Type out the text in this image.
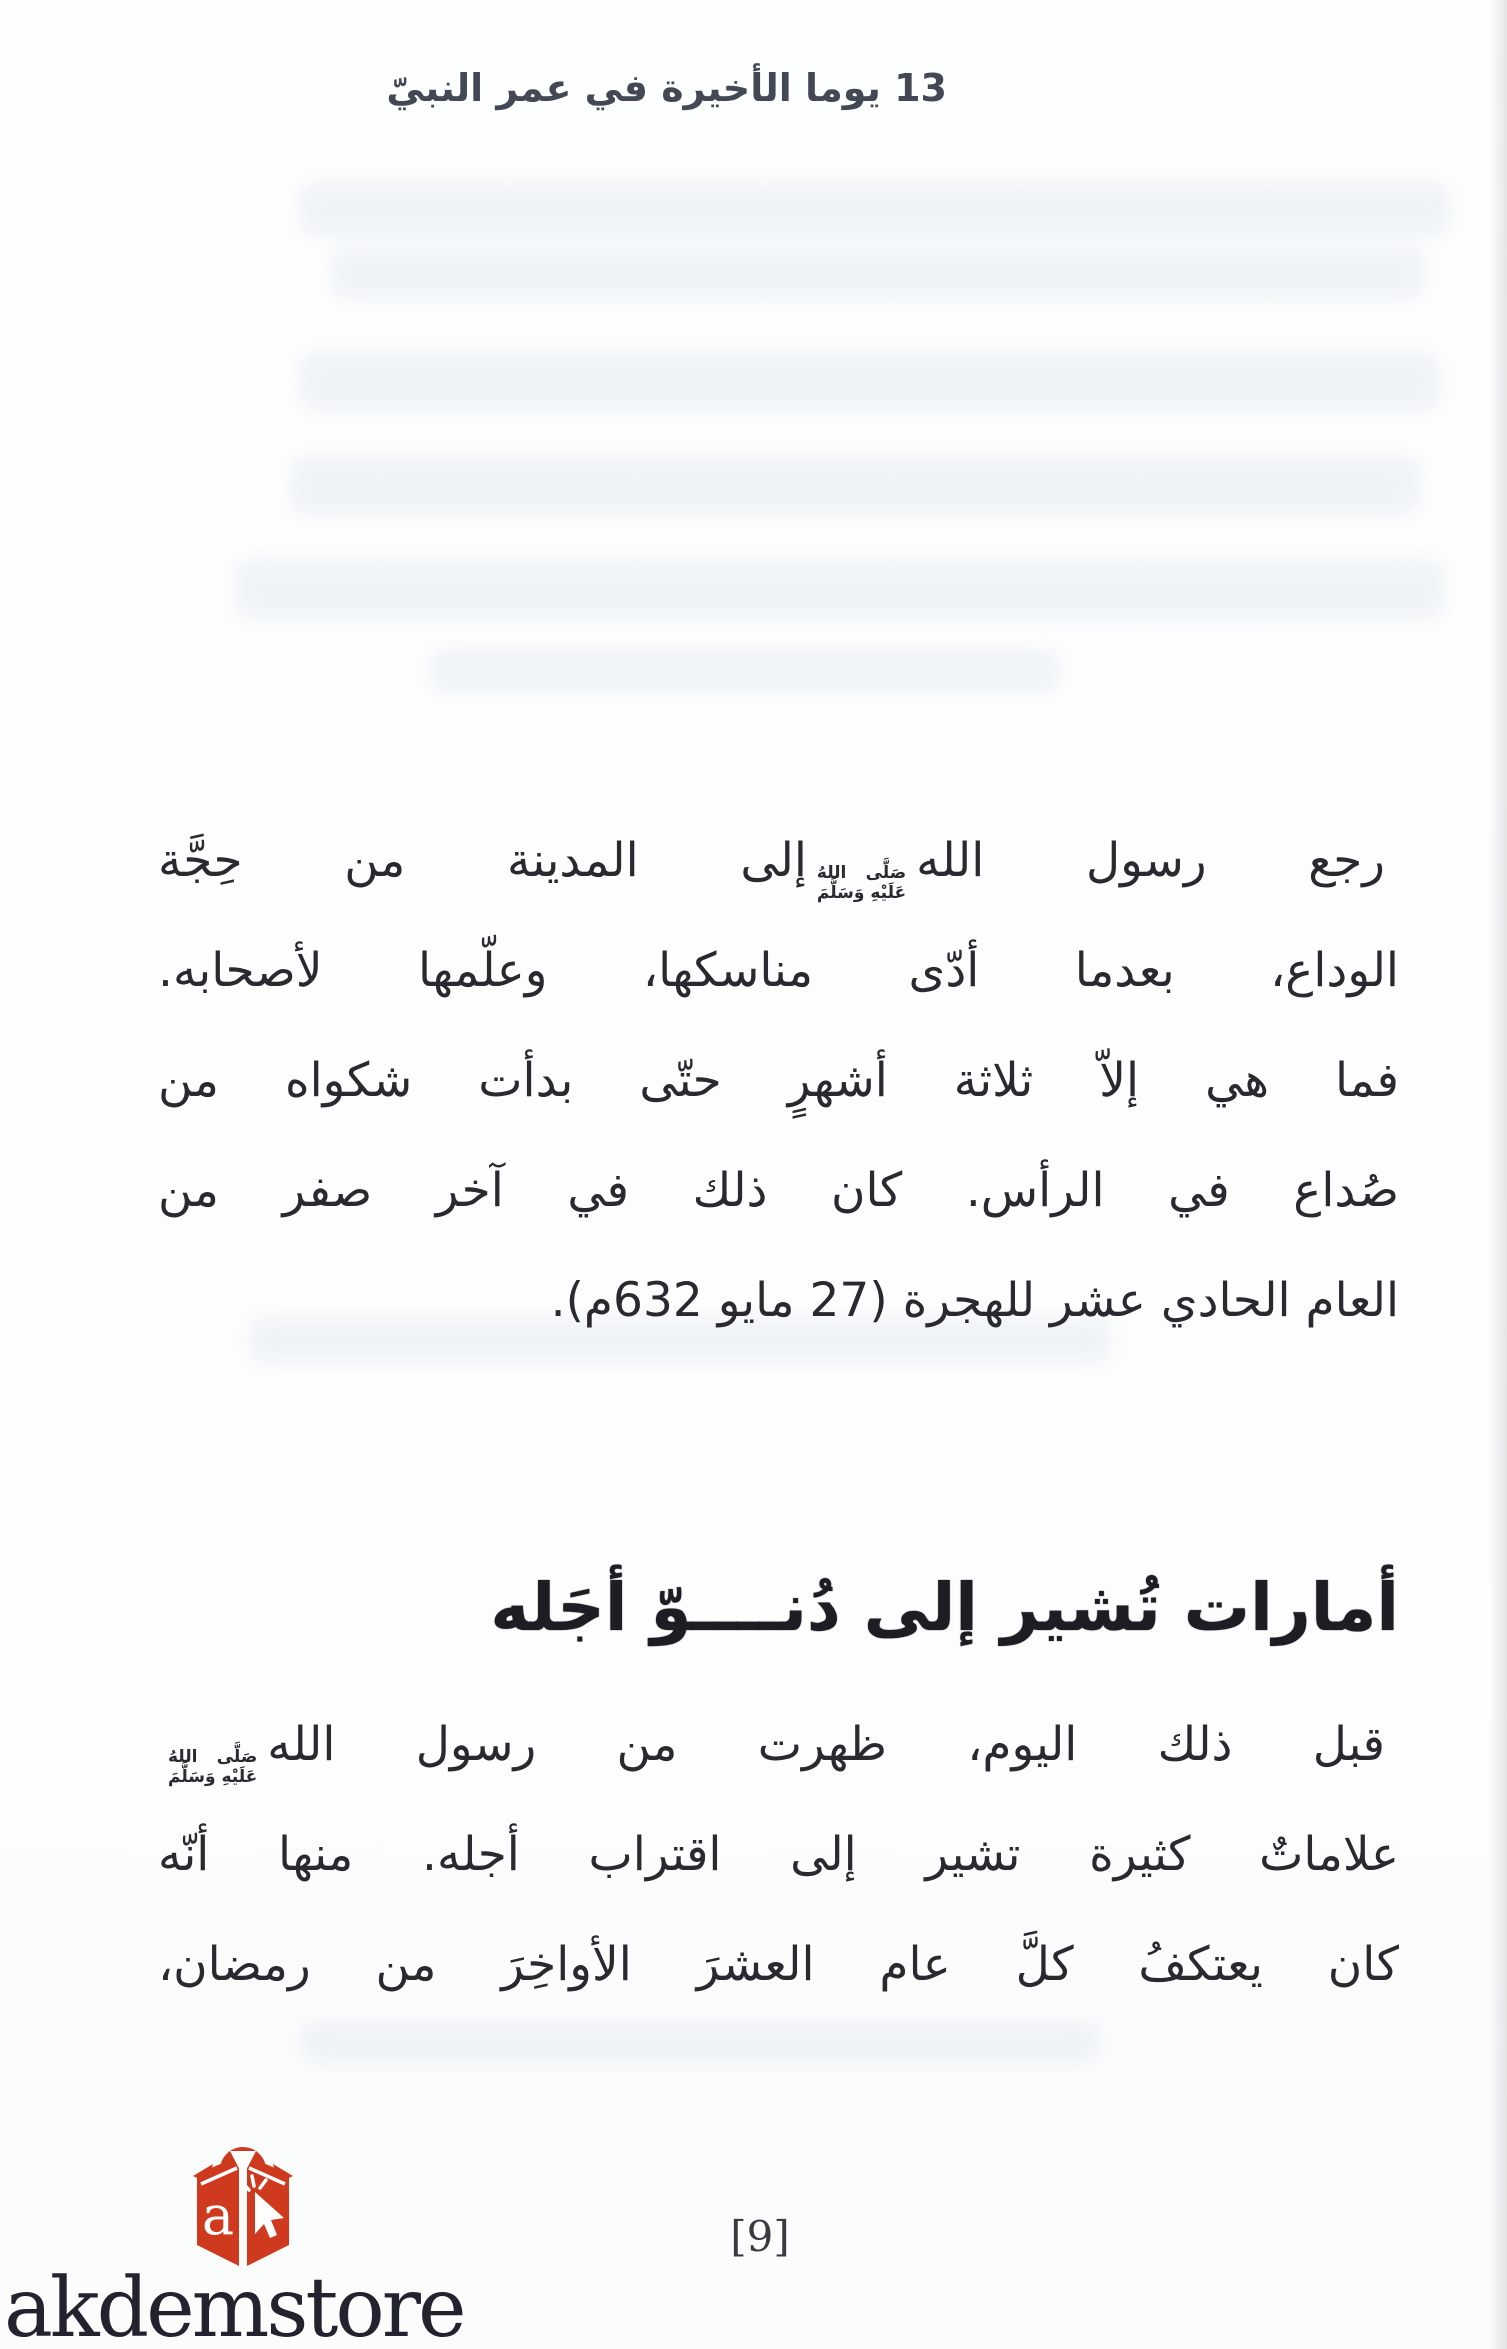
13 يوما الأخيرة في عمر النبيّ
رجع رسول الله
صَلَّى اللهُ
عَلَيْهِ وَسَلَّمَ
إلى المدينة من حِجَّة
الوداع، بعدما أدّى مناسكها، وعلّمها لأصحابه.
فما هي إلاّ ثلاثة أشهرٍ حتّى بدأت شكواه من
صُداع في الرأس. كان ذلك في آخر صفر من
العام الحادي عشر للهجرة (27 مايو 632م).
أمارات تُشير إلى دُنــــوّ أجَله
قبل ذلك اليوم، ظهرت من رسول الله
صَلَّى اللهُ
عَلَيْهِ وَسَلَّمَ
علاماتٌ كثيرة تشير إلى اقتراب أجله. منها أنّه
كان يعتكفُ كلَّ عام العشرَ الأواخِرَ من رمضان،
[9]
a
akdemstore
